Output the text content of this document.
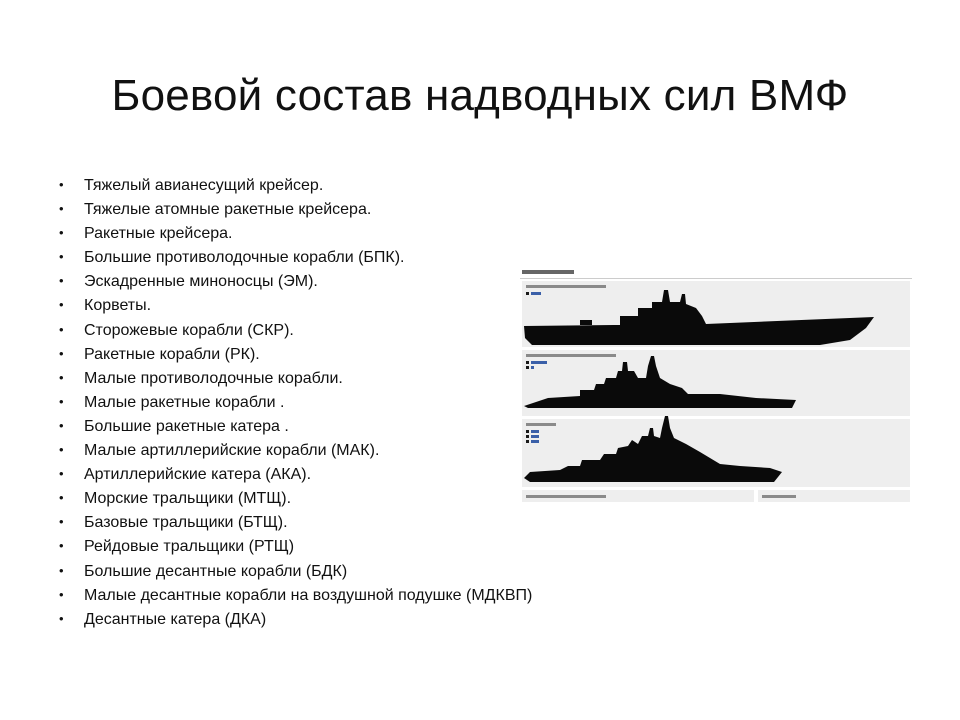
Боевой состав надводных сил ВМФ
• Тяжелый авианесущий крейсер.
• Тяжелые атомные ракетные крейсера.
• Ракетные крейсера.
• Большие противолодочные корабли (БПК).
• Эскадренные миноносцы (ЭМ).
• Корветы.
• Сторожевые корабли (СКР).
• Ракетные корабли (РК).
• Малые противолодочные корабли.
• Малые ракетные корабли .
• Большие ракетные катера .
• Малые артиллерийские корабли (МАК).
• Артиллерийские катера (АКА).
• Морские тральщики (МТЩ).
• Базовые тральщики (БТЩ).
• Рейдовые тральщики (РТЩ)
• Большие десантные корабли (БДК)
• Малые десантные корабли на воздушной подушке (МДКВП)
• Десантные катера (ДКА)
